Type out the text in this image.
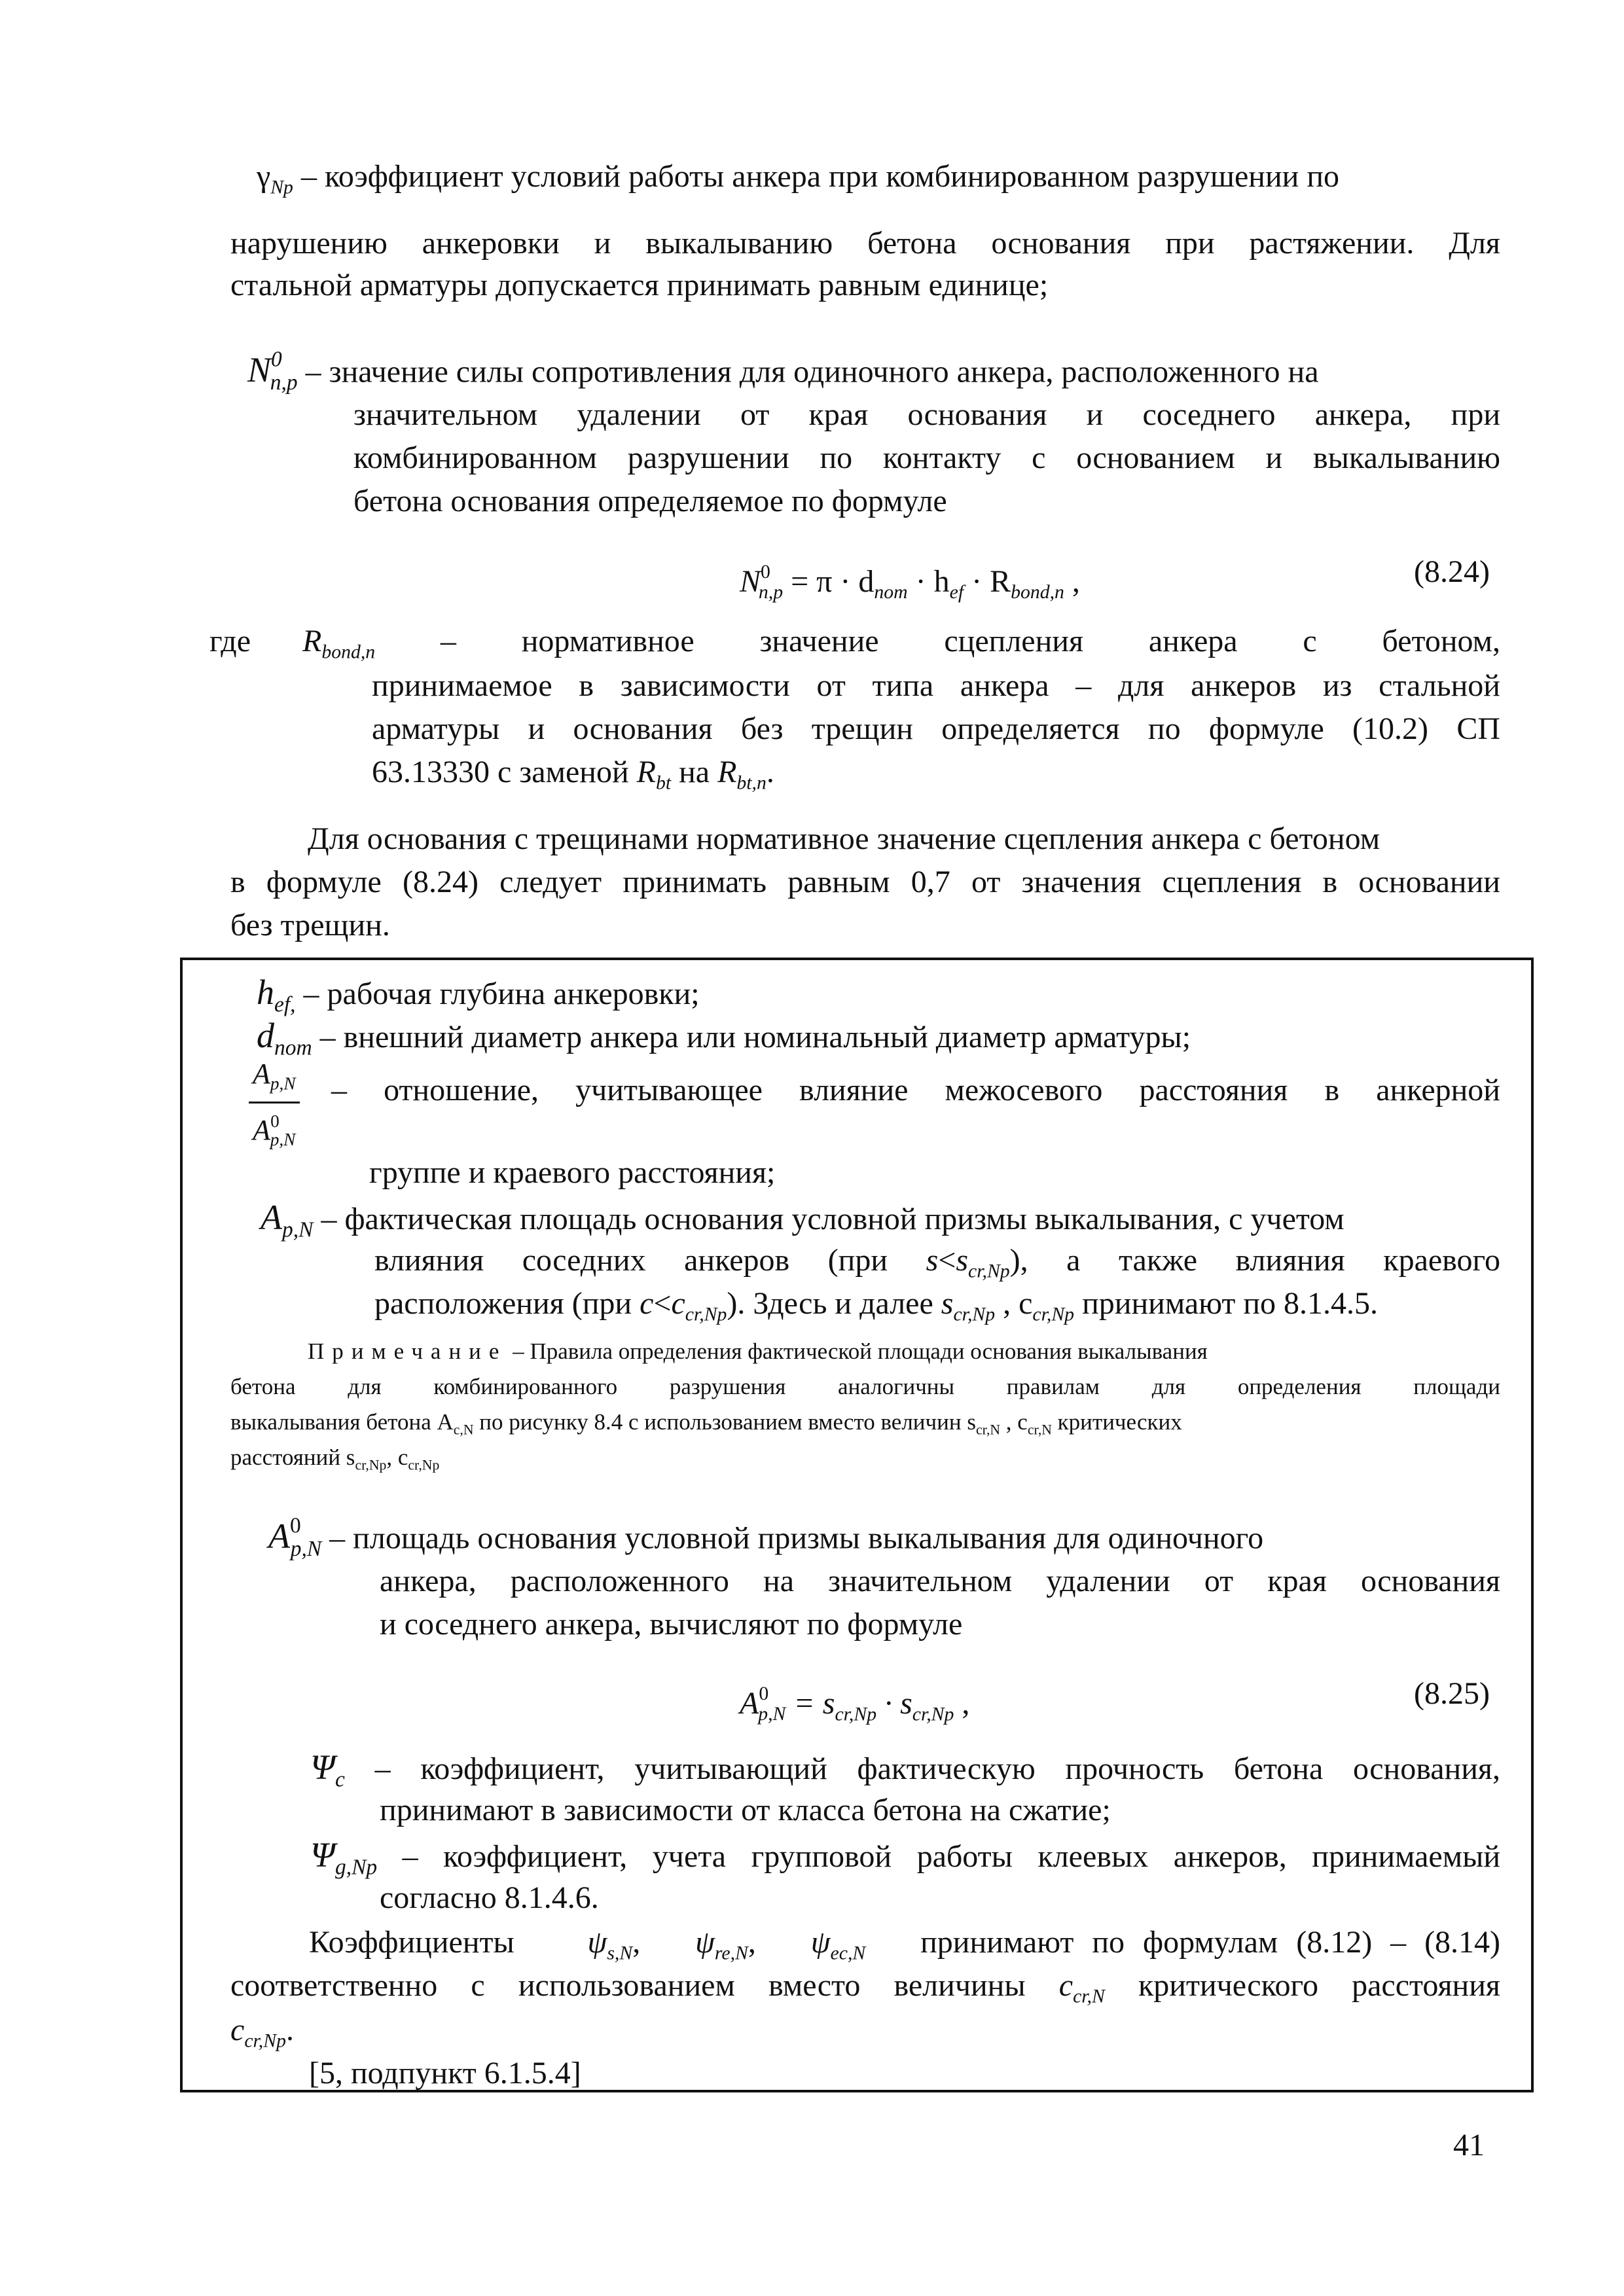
$\gamma_{Np}$ – коэффициент условий работы анкера при комбинированном разрушении по
нарушению анкеровки и выкалыванию бетона основания при растяжении. Для
стальной арматуры допускается принимать равным единице;
$N^0_{n,p}$ – значение силы сопротивления для одиночного анкера, расположенного на
значительном удалении от края основания и соседнего анкера, при
комбинированном разрушении по контакту с основанием и выкалыванию
бетона основания определяемое по формуле
$N^0_{n,p} = \pi \cdot d_{nom} \cdot h_{ef} \cdot R_{bond,n}$ ,	(8.24)
где $R_{bond,n}$ – нормативное значение сцепления анкера с бетоном,
принимаемое в зависимости от типа анкера – для анкеров из стальной
арматуры и основания без трещин определяется по формуле (10.2) СП
63.13330 с заменой $R_{bt}$ на $R_{bt,n}$.
Для основания с трещинами нормативное значение сцепления анкера с бетоном
в формуле (8.24) следует принимать равным 0,7 от значения сцепления в основании
без трещин.
$h_{ef,}$ – рабочая глубина анкеровки;
$d_{nom}$ – внешний диаметр анкера или номинальный диаметр арматуры;
$\frac{A_{p,N}}{A^0_{p,N}}$ – отношение, учитывающее влияние межосевого расстояния в анкерной
группе и краевого расстояния;
$A_{p,N}$ – фактическая площадь основания условной призмы выкалывания, с учетом
влияния соседних анкеров (при $s<s_{cr,Np}$), а также влияния краевого
расположения (при $c<c_{cr,Np}$). Здесь и далее $s_{cr,Np}$ , $c_{cr,Np}$ принимают по 8.1.4.5.
Примечание – Правила определения фактической площади основания выкалывания
бетона для комбинированного разрушения аналогичны правилам для определения площади
выкалывания бетона $A_{c,N}$ по рисунку 8.4 с использованием вместо величин $s_{cr,N}$ , $c_{cr,N}$ критических
расстояний $s_{cr,Np}$, $c_{cr,Np}$
$A^0_{p,N}$ – площадь основания условной призмы выкалывания для одиночного
анкера, расположенного на значительном удалении от края основания
и соседнего анкера, вычисляют по формуле
$A^0_{p,N} = s_{cr,Np} \cdot s_{cr,Np}$ ,	(8.25)
$\Psi_c$ – коэффициент, учитывающий фактическую прочность бетона основания,
принимают в зависимости от класса бетона на сжатие;
$\Psi_{g,Np}$ – коэффициент, учета групповой работы клеевых анкеров, принимаемый
согласно 8.1.4.6.
Коэффициенты $\psi_{s,N}$, $\psi_{re,N}$, $\psi_{ec,N}$ принимают по формулам (8.12) – (8.14)
соответственно с использованием вместо величины $c_{cr,N}$ критического расстояния
$c_{cr,Np}$.
[5, подпункт 6.1.5.4]
41
